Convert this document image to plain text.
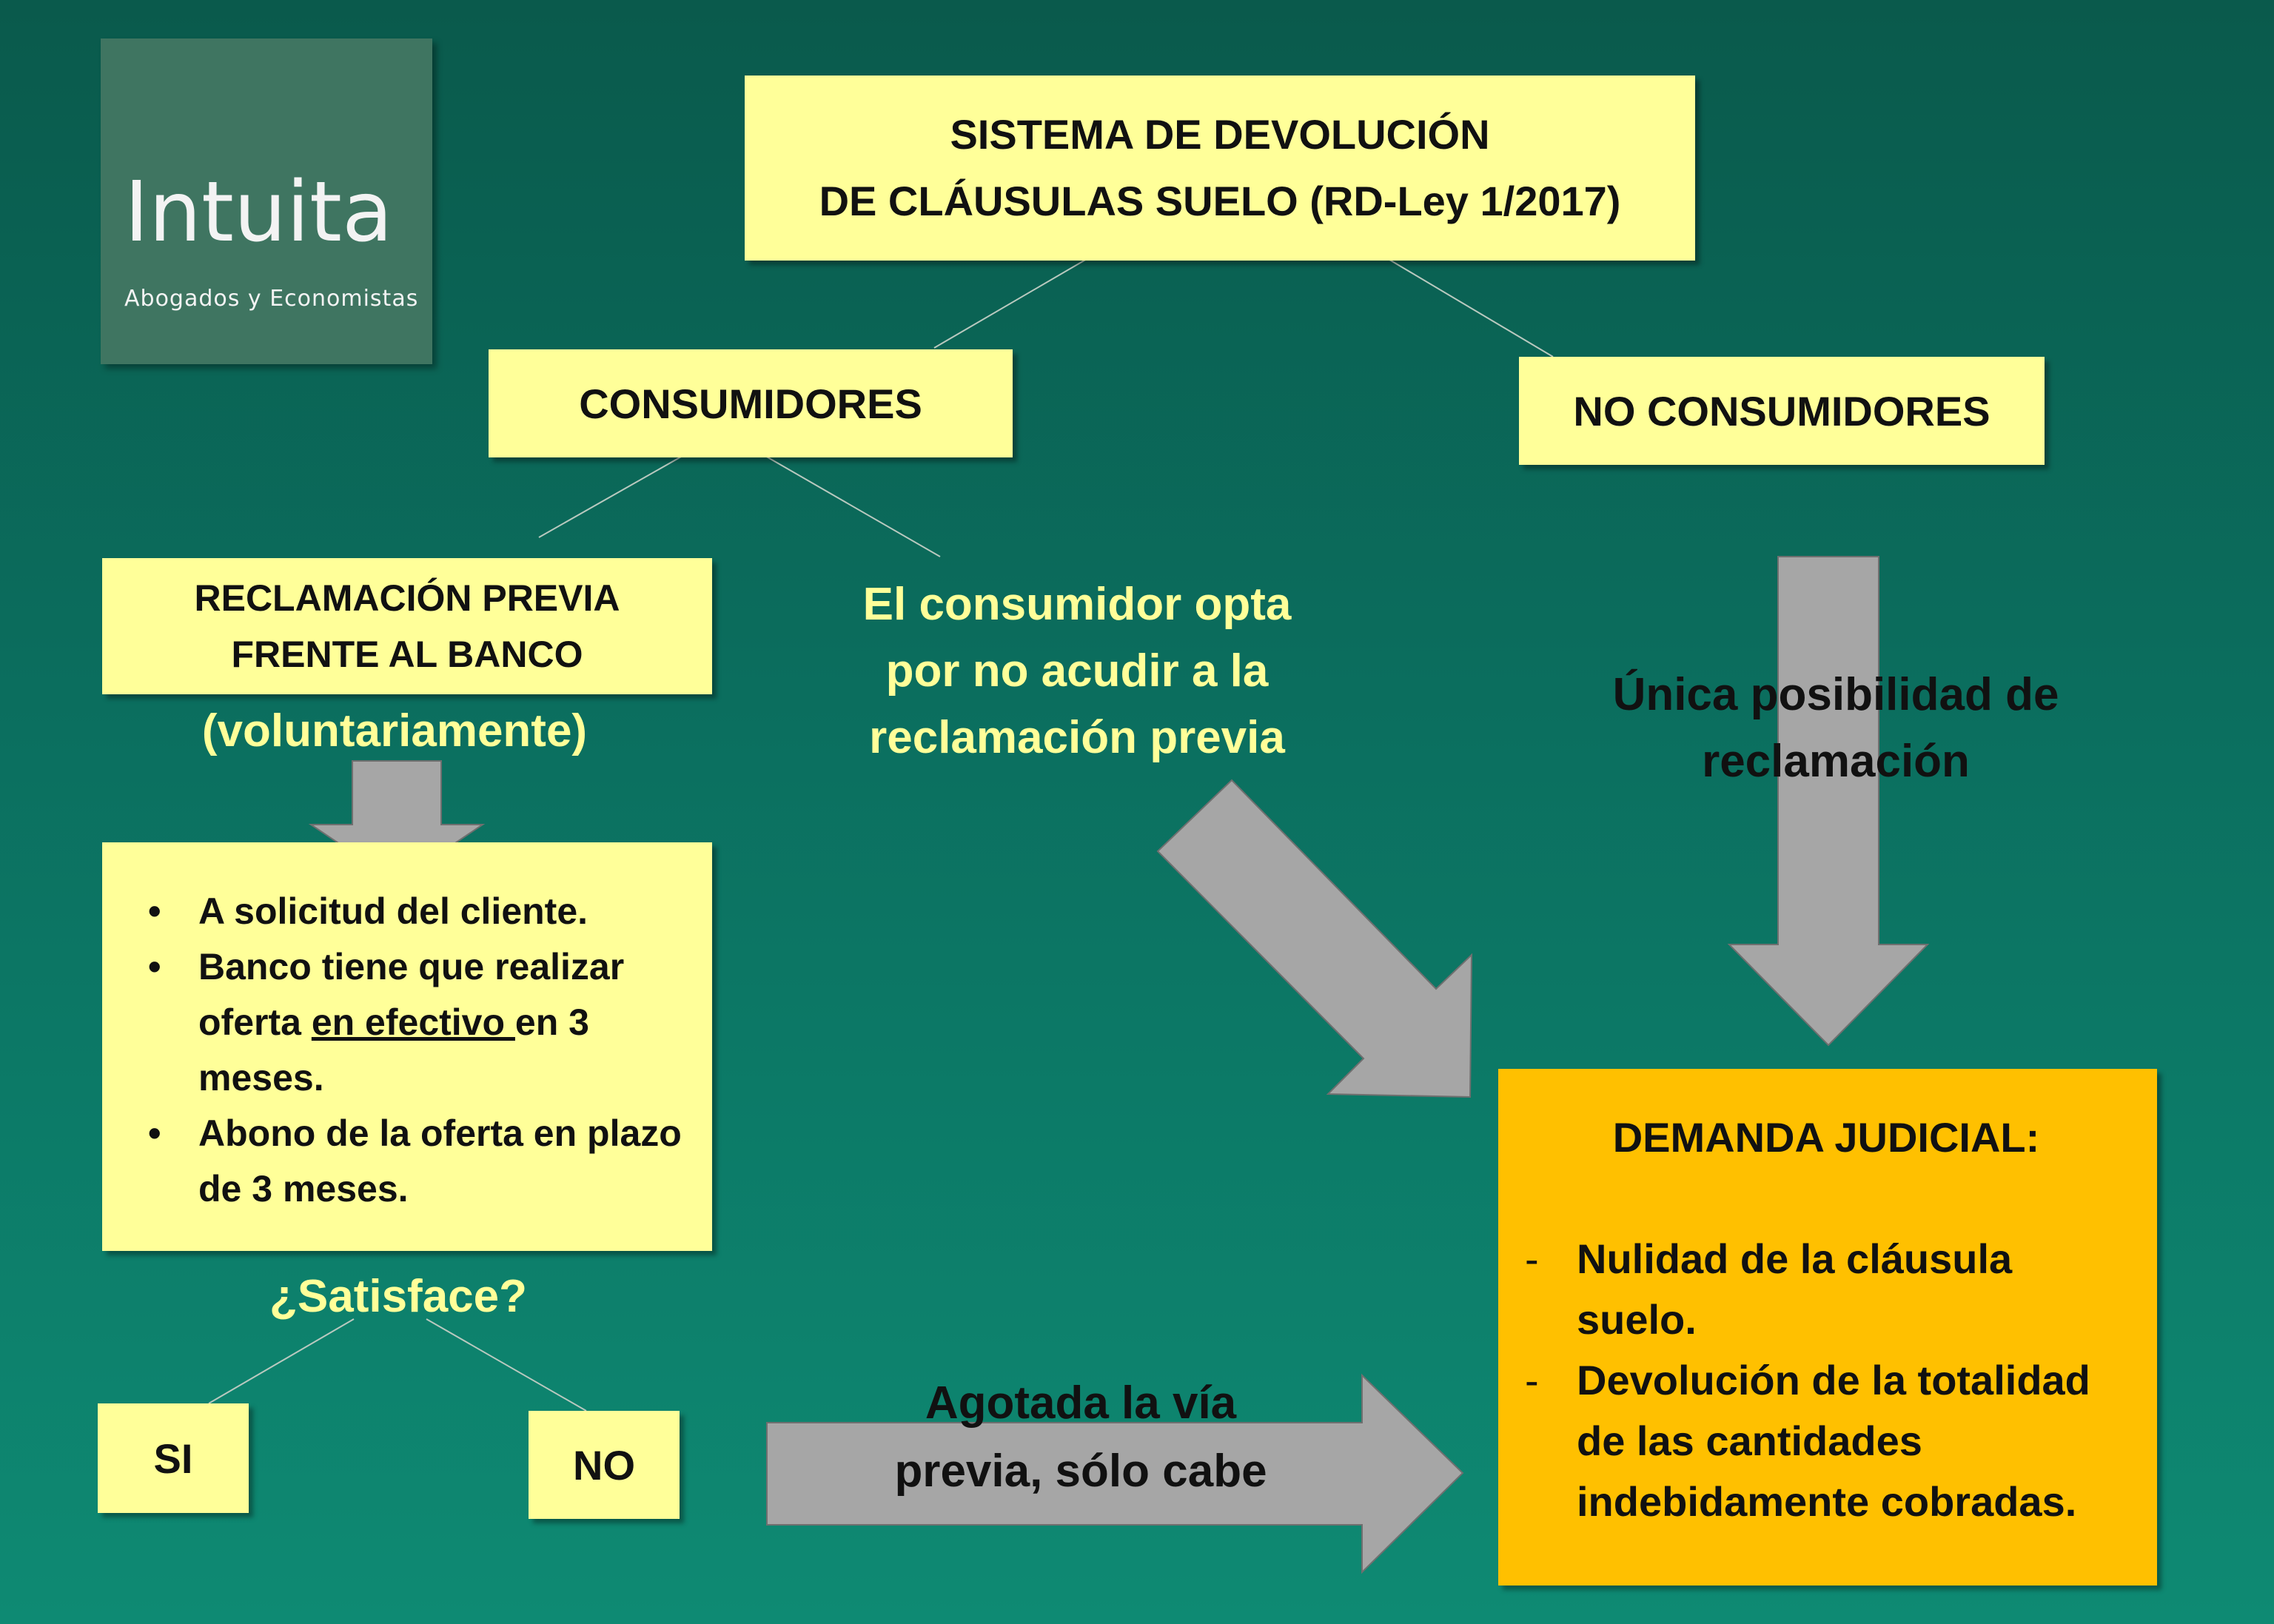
Intuita
Abogados y Economistas
SISTEMA DE DEVOLUCIÓN
DE CLÁUSULAS SUELO (RD-Ley 1/2017)
CONSUMIDORES	NO CONSUMIDORES
RECLAMACIÓN PREVIA
FRENTE AL BANCO
(voluntariamente)
El consumidor opta
por no acudir a la
reclamación previa
Única posibilidad de
reclamación
• A solicitud del cliente.
• Banco tiene que realizar oferta en efectivo en 3 meses.
• Abono de la oferta en plazo de 3 meses.
¿Satisface?
SI	NO
Agotada la vía
previa, sólo cabe
DEMANDA JUDICIAL:
- Nulidad de la cláusula suelo.
- Devolución de la totalidad de las cantidades indebidamente cobradas.
